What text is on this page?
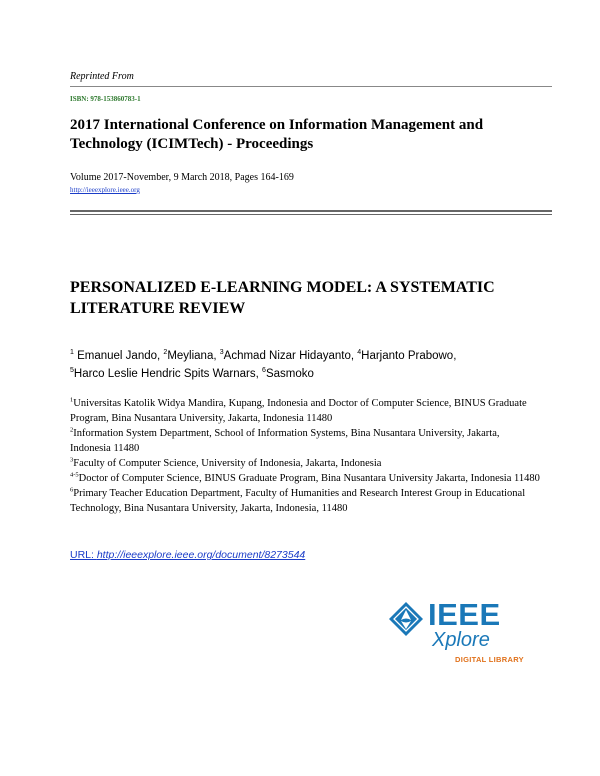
Reprinted From
ISBN: 978-153860783-1
2017 International Conference on Information Management and Technology (ICIMTech) - Proceedings
Volume 2017-November, 9 March 2018, Pages 164-169
http://ieeexplore.ieee.org
PERSONALIZED E-LEARNING MODEL: A SYSTEMATIC LITERATURE REVIEW
$^1$ Emanuel Jando, $^2$Meyliana, $^3$Achmad Nizar Hidayanto, $^4$Harjanto Prabowo,
$^5$Harco Leslie Hendric Spits Warnars, $^6$Sasmoko
$^1$Universitas Katolik Widya Mandira, Kupang, Indonesia and Doctor of Computer Science, BINUS Graduate Program, Bina Nusantara University, Jakarta, Indonesia 11480
$^2$Information System Department, School of Information Systems, Bina Nusantara University, Jakarta, Indonesia 11480
$^3$Faculty of Computer Science, University of Indonesia, Jakarta, Indonesia
$^{4-5}$Doctor of Computer Science, BINUS Graduate Program, Bina Nusantara University Jakarta, Indonesia 11480
$^6$Primary Teacher Education Department, Faculty of Humanities and Research Interest Group in Educational Technology, Bina Nusantara University, Jakarta, Indonesia, 11480
URL: http://ieeexplore.ieee.org/document/8273544
IEEE
Xplore
DIGITAL LIBRARY
